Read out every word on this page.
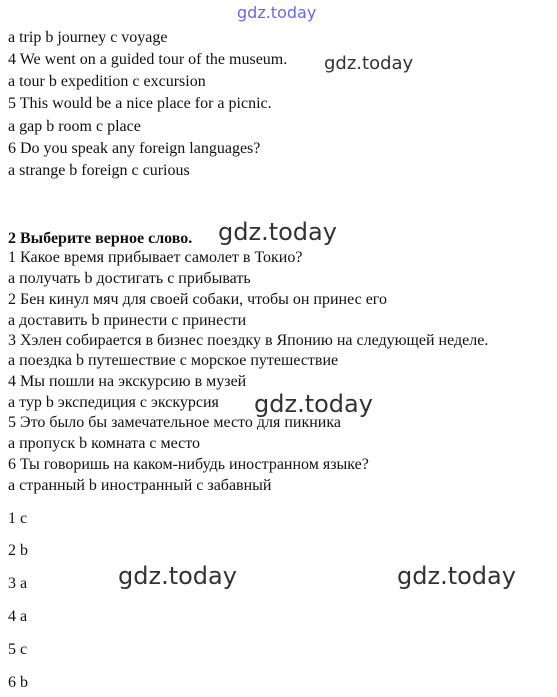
gdz.today
a trip b journey c voyage
4 We went on a guided tour of the museum. gdz.today
a tour b expedition c excursion
5 This would be a nice place for a picnic.
a gap b room c place
6 Do you speak any foreign languages?
a strange b foreign c curious
2 Выберите верное слово. gdz.today
1 Какое время прибывает самолет в Токио?
a получать b достигать c прибывать
2 Бен кинул мяч для своей собаки, чтобы он принес его
a доставить b принести c принести
3 Хэлен собирается в бизнес поездку в Японию на следующей неделе.
a поездка b путешествие c морское путешествие
4 Мы пошли на экскурсию в музей
a тур b экспедиция c экскурсия gdz.today
5 Это было бы замечательное место для пикника
a пропуск b комната c место
6 Ты говоришь на каком-нибудь иностранном языке?
a странный b иностранный c забавный
1 c
2 b
3 a	gdz.today	gdz.today
4 a
5 c
6 b
